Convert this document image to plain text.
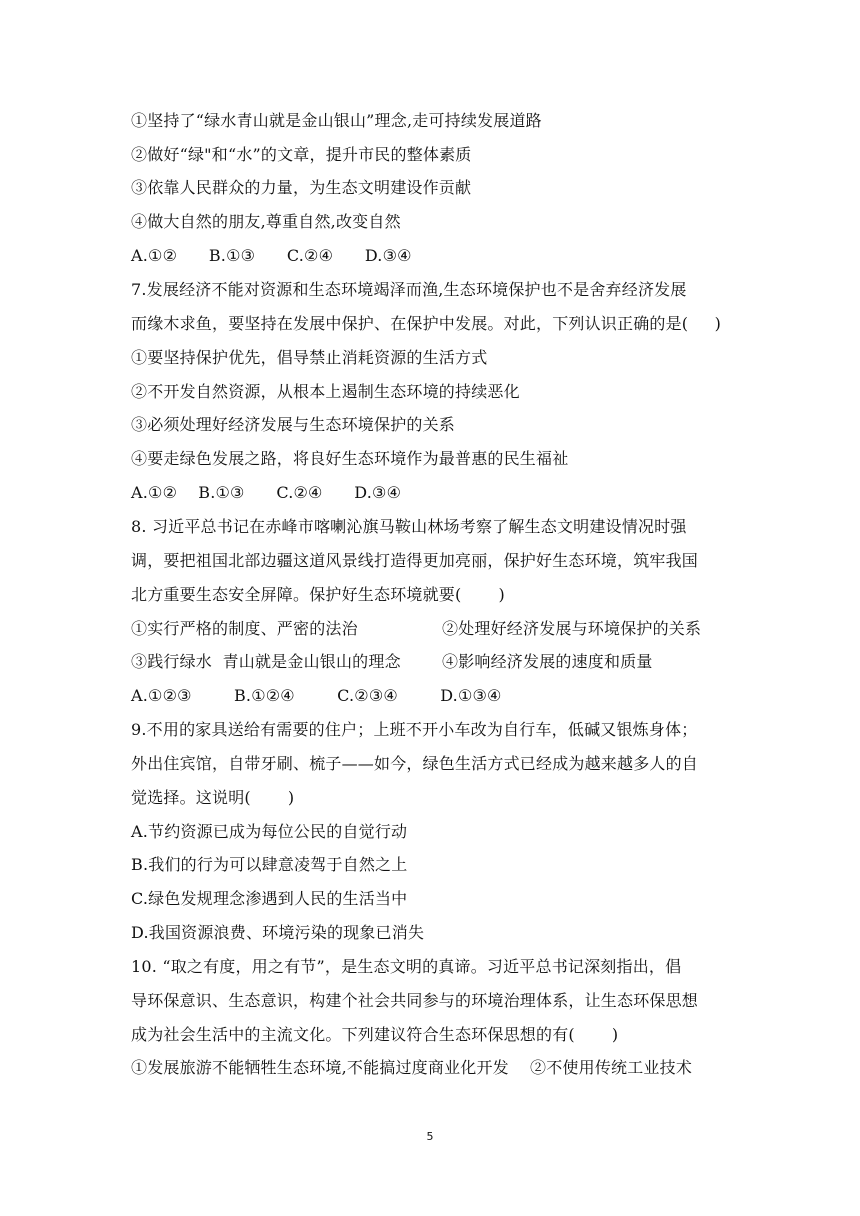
①坚持了“绿水青山就是金山银山”理念,走可持续发展道路
②做好“绿"和“水”的文章，提升市民的整体素质
③依靠人民群众的力量，为生态文明建设作贡献
④做大自然的朋友,尊重自然,改变自然
A.①②      B.①③      C.②④      D.③④
7.发展经济不能对资源和生态环境竭泽而渔,生态环境保护也不是舍弃经济发展
而缘木求鱼，要坚持在发展中保护、在保护中发展。对此，下列认识正确的是(     )
①要坚持保护优先，倡导禁止消耗资源的生活方式
②不开发自然资源，从根本上遏制生态环境的持续恶化
③必须处理好经济发展与生态环境保护的关系
④要走绿色发展之路，将良好生态环境作为最普惠的民生福祉
A.①②    B.①③      C.②④      D.③④
8. 习近平总书记在赤峰市喀喇沁旗马鞍山林场考察了解生态文明建设情况时强
调，要把祖国北部边疆这道风景线打造得更加亮丽，保护好生态环境，筑牢我国
北方重要生态安全屏障。保护好生态环境就要(       )
①实行严格的制度、严密的法治	②处理好经济发展与环境保护的关系
③践行绿水  青山就是金山银山的理念	④影响经济发展的速度和质量
A.①②③        B.①②④        C.②③④        D.①③④
9.不用的家具送给有需要的住户；上班不开小车改为自行车，低碱又银炼身体；
外出住宾馆，自带牙刷、梳子——如今，绿色生活方式已经成为越来越多人的自
觉选择。这说明(       )
A.节约资源已成为每位公民的自觉行动
B.我们的行为可以肆意凌驾于自然之上
C.绿色发规理念渗遇到人民的生活当中
D.我国资源浪费、环境污染的现象已消失
10. “取之有度，用之有节”，是生态文明的真谛。习近平总书记深刻指出，倡
导环保意识、生态意识，构建个社会共同参与的环境治理体系，让生态环保思想
成为社会生活中的主流文化。下列建议符合生态环保思想的有(       )
①发展旅游不能牺牲生态环境,不能搞过度商业化开发    ②不使用传统工业技术
5
